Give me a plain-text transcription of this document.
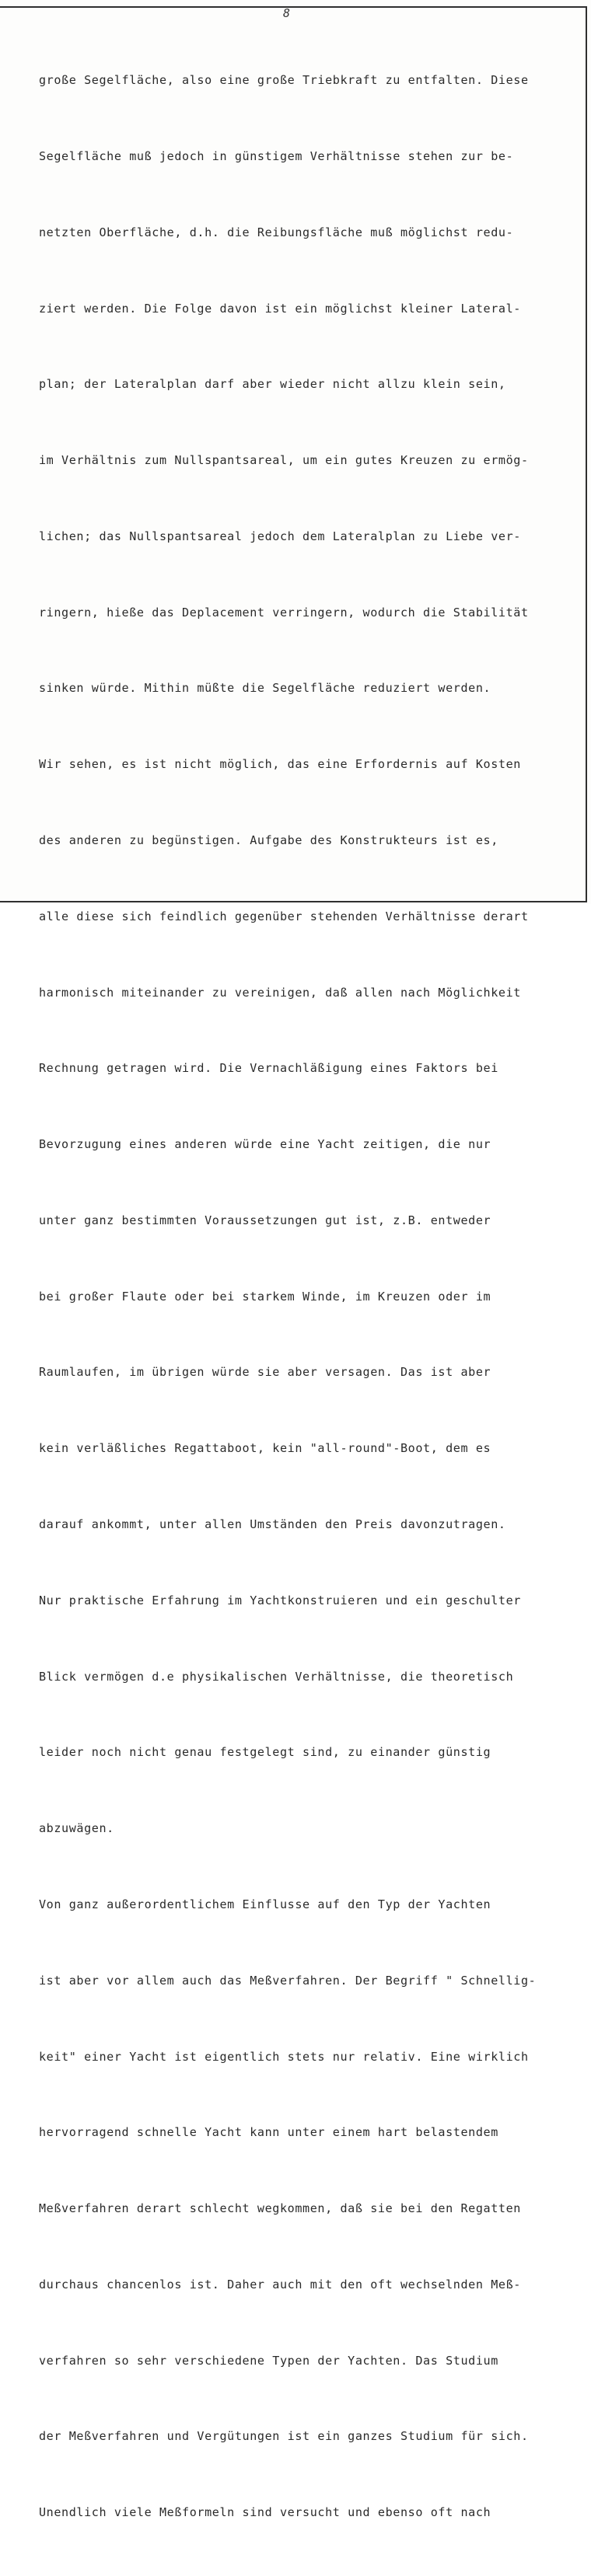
8

große Segelfläche, also eine große Triebkraft zu entfalten. Diese

Segelfläche muß jedoch in günstigem Verhältnisse stehen zur be-

netzten Oberfläche, d.h. die Reibungsfläche muß möglichst redu-

ziert werden. Die Folge davon ist ein möglichst kleiner Lateral-

plan; der Lateralplan darf aber wieder nicht allzu klein sein,

im Verhältnis zum Nullspantsareal, um ein gutes Kreuzen zu ermög-

lichen; das Nullspantsareal jedoch dem Lateralplan zu Liebe ver-

ringern, hieße das Deplacement verringern, wodurch die Stabilität

sinken würde. Mithin müßte die Segelfläche reduziert werden.

Wir sehen, es ist nicht möglich, das eine Erfordernis auf Kosten

des anderen zu begünstigen. Aufgabe des Konstrukteurs ist es,

alle diese sich feindlich gegenüber stehenden Verhältnisse derart

harmonisch miteinander zu vereinigen, daß allen nach Möglichkeit

Rechnung getragen wird. Die Vernachläßigung eines Faktors bei

Bevorzugung eines anderen würde eine Yacht zeitigen, die nur

unter ganz bestimmten Voraussetzungen gut ist, z.B. entweder

bei großer Flaute oder bei starkem Winde, im Kreuzen oder im

Raumlaufen, im übrigen würde sie aber versagen. Das ist aber

kein verläßliches Regattaboot, kein "all-round"-Boot, dem es

darauf ankommt, unter allen Umständen den Preis davonzutragen.

Nur praktische Erfahrung im Yachtkonstruieren und ein geschulter

Blick vermögen d.e physikalischen Verhältnisse, die theoretisch

leider noch nicht genau festgelegt sind, zu einander günstig

abzuwägen.

Von ganz außerordentlichem Einflusse auf den Typ der Yachten

ist aber vor allem auch das Meßverfahren. Der Begriff " Schnellig-

keit" einer Yacht ist eigentlich stets nur relativ. Eine wirklich

hervorragend schnelle Yacht kann unter einem hart belastendem

Meßverfahren derart schlecht wegkommen, daß sie bei den Regatten

durchaus chancenlos ist. Daher auch mit den oft wechselnden Meß-

verfahren so sehr verschiedene Typen der Yachten. Das Studium

der Meßverfahren und Vergütungen ist ein ganzes Studium für sich.

Unendlich viele Meßformeln sind versucht und ebenso oft nach
